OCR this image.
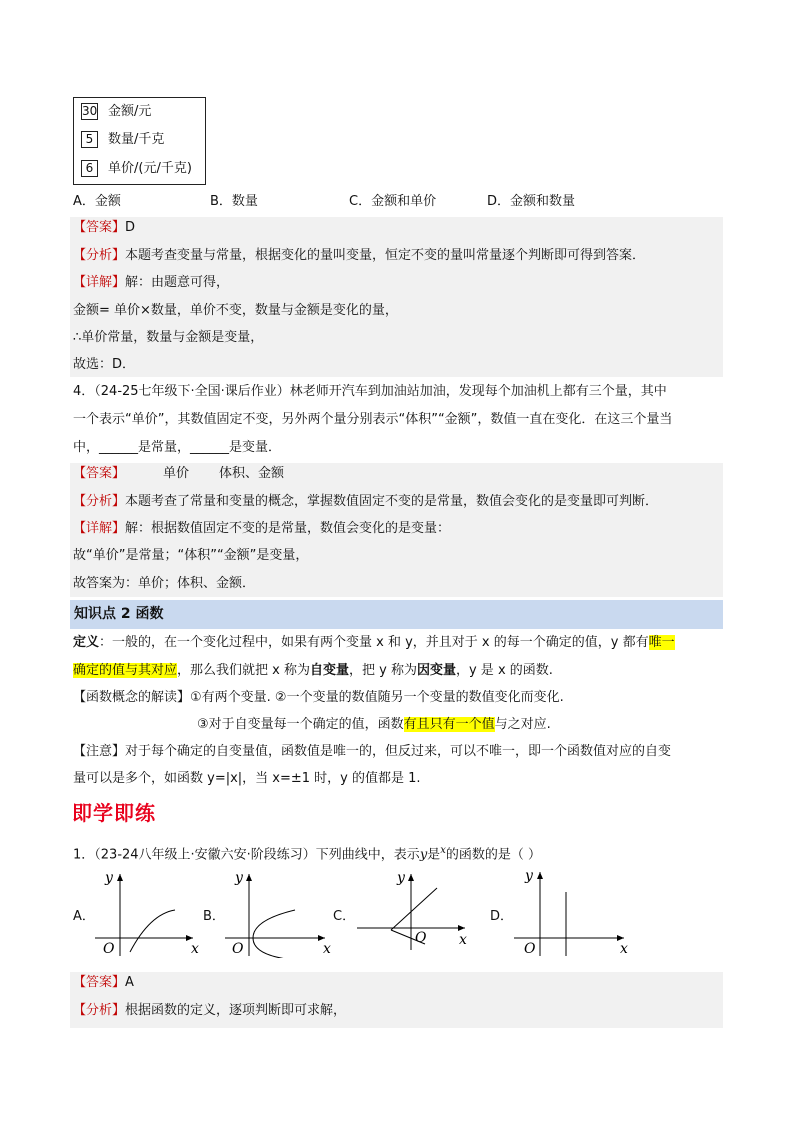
30 金额/元
5 数量/千克
6 单价/(元/千克)
A．金额	B．数量	C．金额和单价	D．金额和数量
【答案】D
【分析】本题考查变量与常量，根据变化的量叫变量，恒定不变的量叫常量逐个判断即可得到答案．
【详解】解：由题意可得，
金额= 单价×数量，单价不变，数量与金额是变化的量，
∴单价常量，数量与金额是变量，
故选：D．
4．（24-25七年级下·全国·课后作业）林老师开汽车到加油站加油，发现每个加油机上都有三个量，其中
一个表示“单价”，其数值固定不变，另外两个量分别表示“体积”“金额”，数值一直在变化．在这三个量当
中，______是常量，______是变量．
【答案】	单价 体积、金额
【分析】本题考查了常量和变量的概念，掌握数值固定不变的是常量，数值会变化的是变量即可判断．
【详解】解：根据数值固定不变的是常量，数值会变化的是变量：
故“单价”是常量；“体积”“金额”是变量，
故答案为：单价；体积、金额．
知识点 2 函数
定义：一般的，在一个变化过程中，如果有两个变量 x 和 y，并且对于 x 的每一个确定的值，y 都有唯一
确定的值与其对应，那么我们就把 x 称为自变量，把 y 称为因变量，y 是 x 的函数.
【函数概念的解读】①有两个变量. ②一个变量的数值随另一个变量的数值变化而变化.
③对于自变量每一个确定的值，函数有且只有一个值与之对应.
【注意】对于每个确定的自变量值，函数值是唯一的，但反过来，可以不唯一，即一个函数值对应的自变
量可以是多个，如函数 y=|x|，当 x=±1 时，y 的值都是 1.
即学即练
1．（23-24八年级上·安徽六安·阶段练习）下列曲线中，表示y是$^x$的函数的是（ ）
A．	B．	C．	D．
y
x
O
y
x
O
y
x
O
y
x
O
【答案】A
【分析】根据函数的定义，逐项判断即可求解，
